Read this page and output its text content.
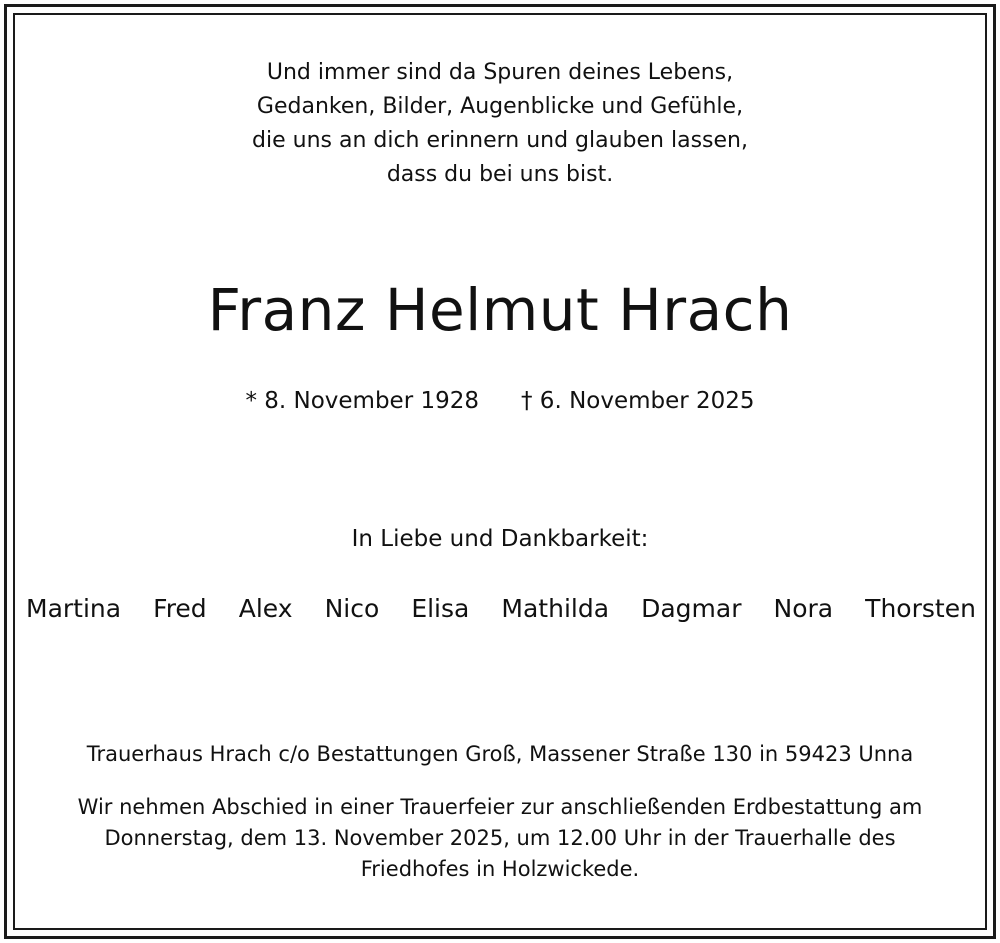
Und immer sind da Spuren deines Lebens,
Gedanken, Bilder, Augenblicke und Gefühle,
die uns an dich erinnern und glauben lassen,
dass du bei uns bist.
Franz Helmut Hrach
* 8. November 1928 † 6. November 2025
In Liebe und Dankbarkeit:
Martina Fred Alex Nico Elisa Mathilda Dagmar Nora Thorsten
Trauerhaus Hrach c/o Bestattungen Groß, Massener Straße 130 in 59423 Unna
Wir nehmen Abschied in einer Trauerfeier zur anschließenden Erdbestattung am
Donnerstag, dem 13. November 2025, um 12.00 Uhr in der Trauerhalle des
Friedhofes in Holzwickede.
